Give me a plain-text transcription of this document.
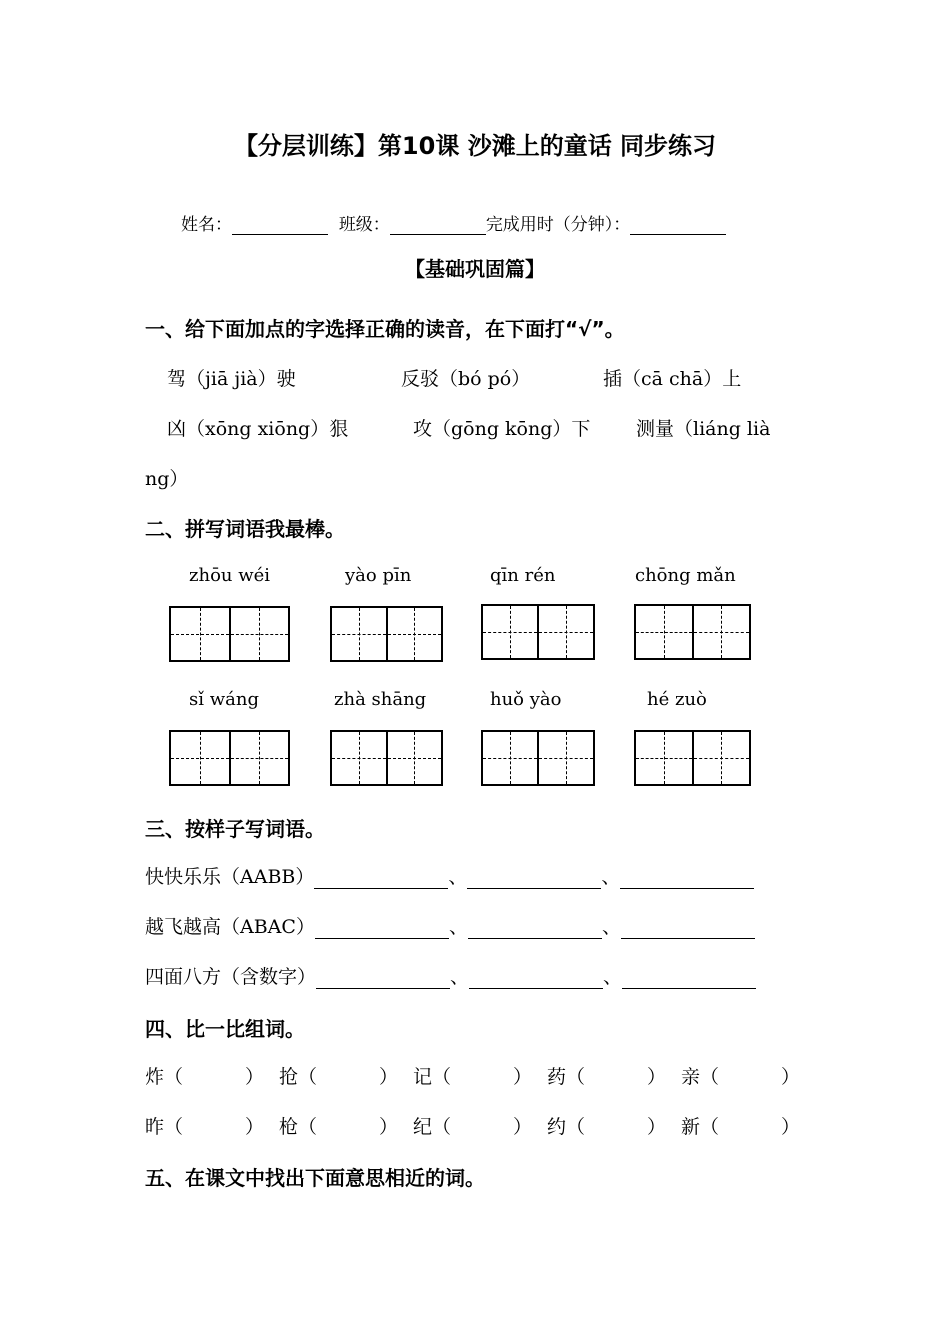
【分层训练】第10课 沙滩上的童话 同步练习
姓名：	班级：	完成用时（分钟）：
【基础巩固篇】
一、给下面加点的字选择正确的读音，在下面打“√”。
驾（jiā jià）驶	反驳（bó pó）	插（cā chā）上
凶（xōng xiōng）狠	攻（gōng kōng）下 测量（liáng lià
ng）
二、拼写词语我最棒。
zhōu wéi	yào pīn	qīn rén	chōng mǎn
sǐ wáng	zhà shāng	huǒ yào	hé zuò
三、按样子写词语。
快快乐乐（AABB）	、	、
越飞越高（ABAC）	、	、
四面八方（含数字）	、	、
四、比一比组词。
炸（	） 抢（	） 记（	） 药（	） 亲（	）
昨（	） 枪（	） 纪（	） 约（	） 新（	）
五、在课文中找出下面意思相近的词。
